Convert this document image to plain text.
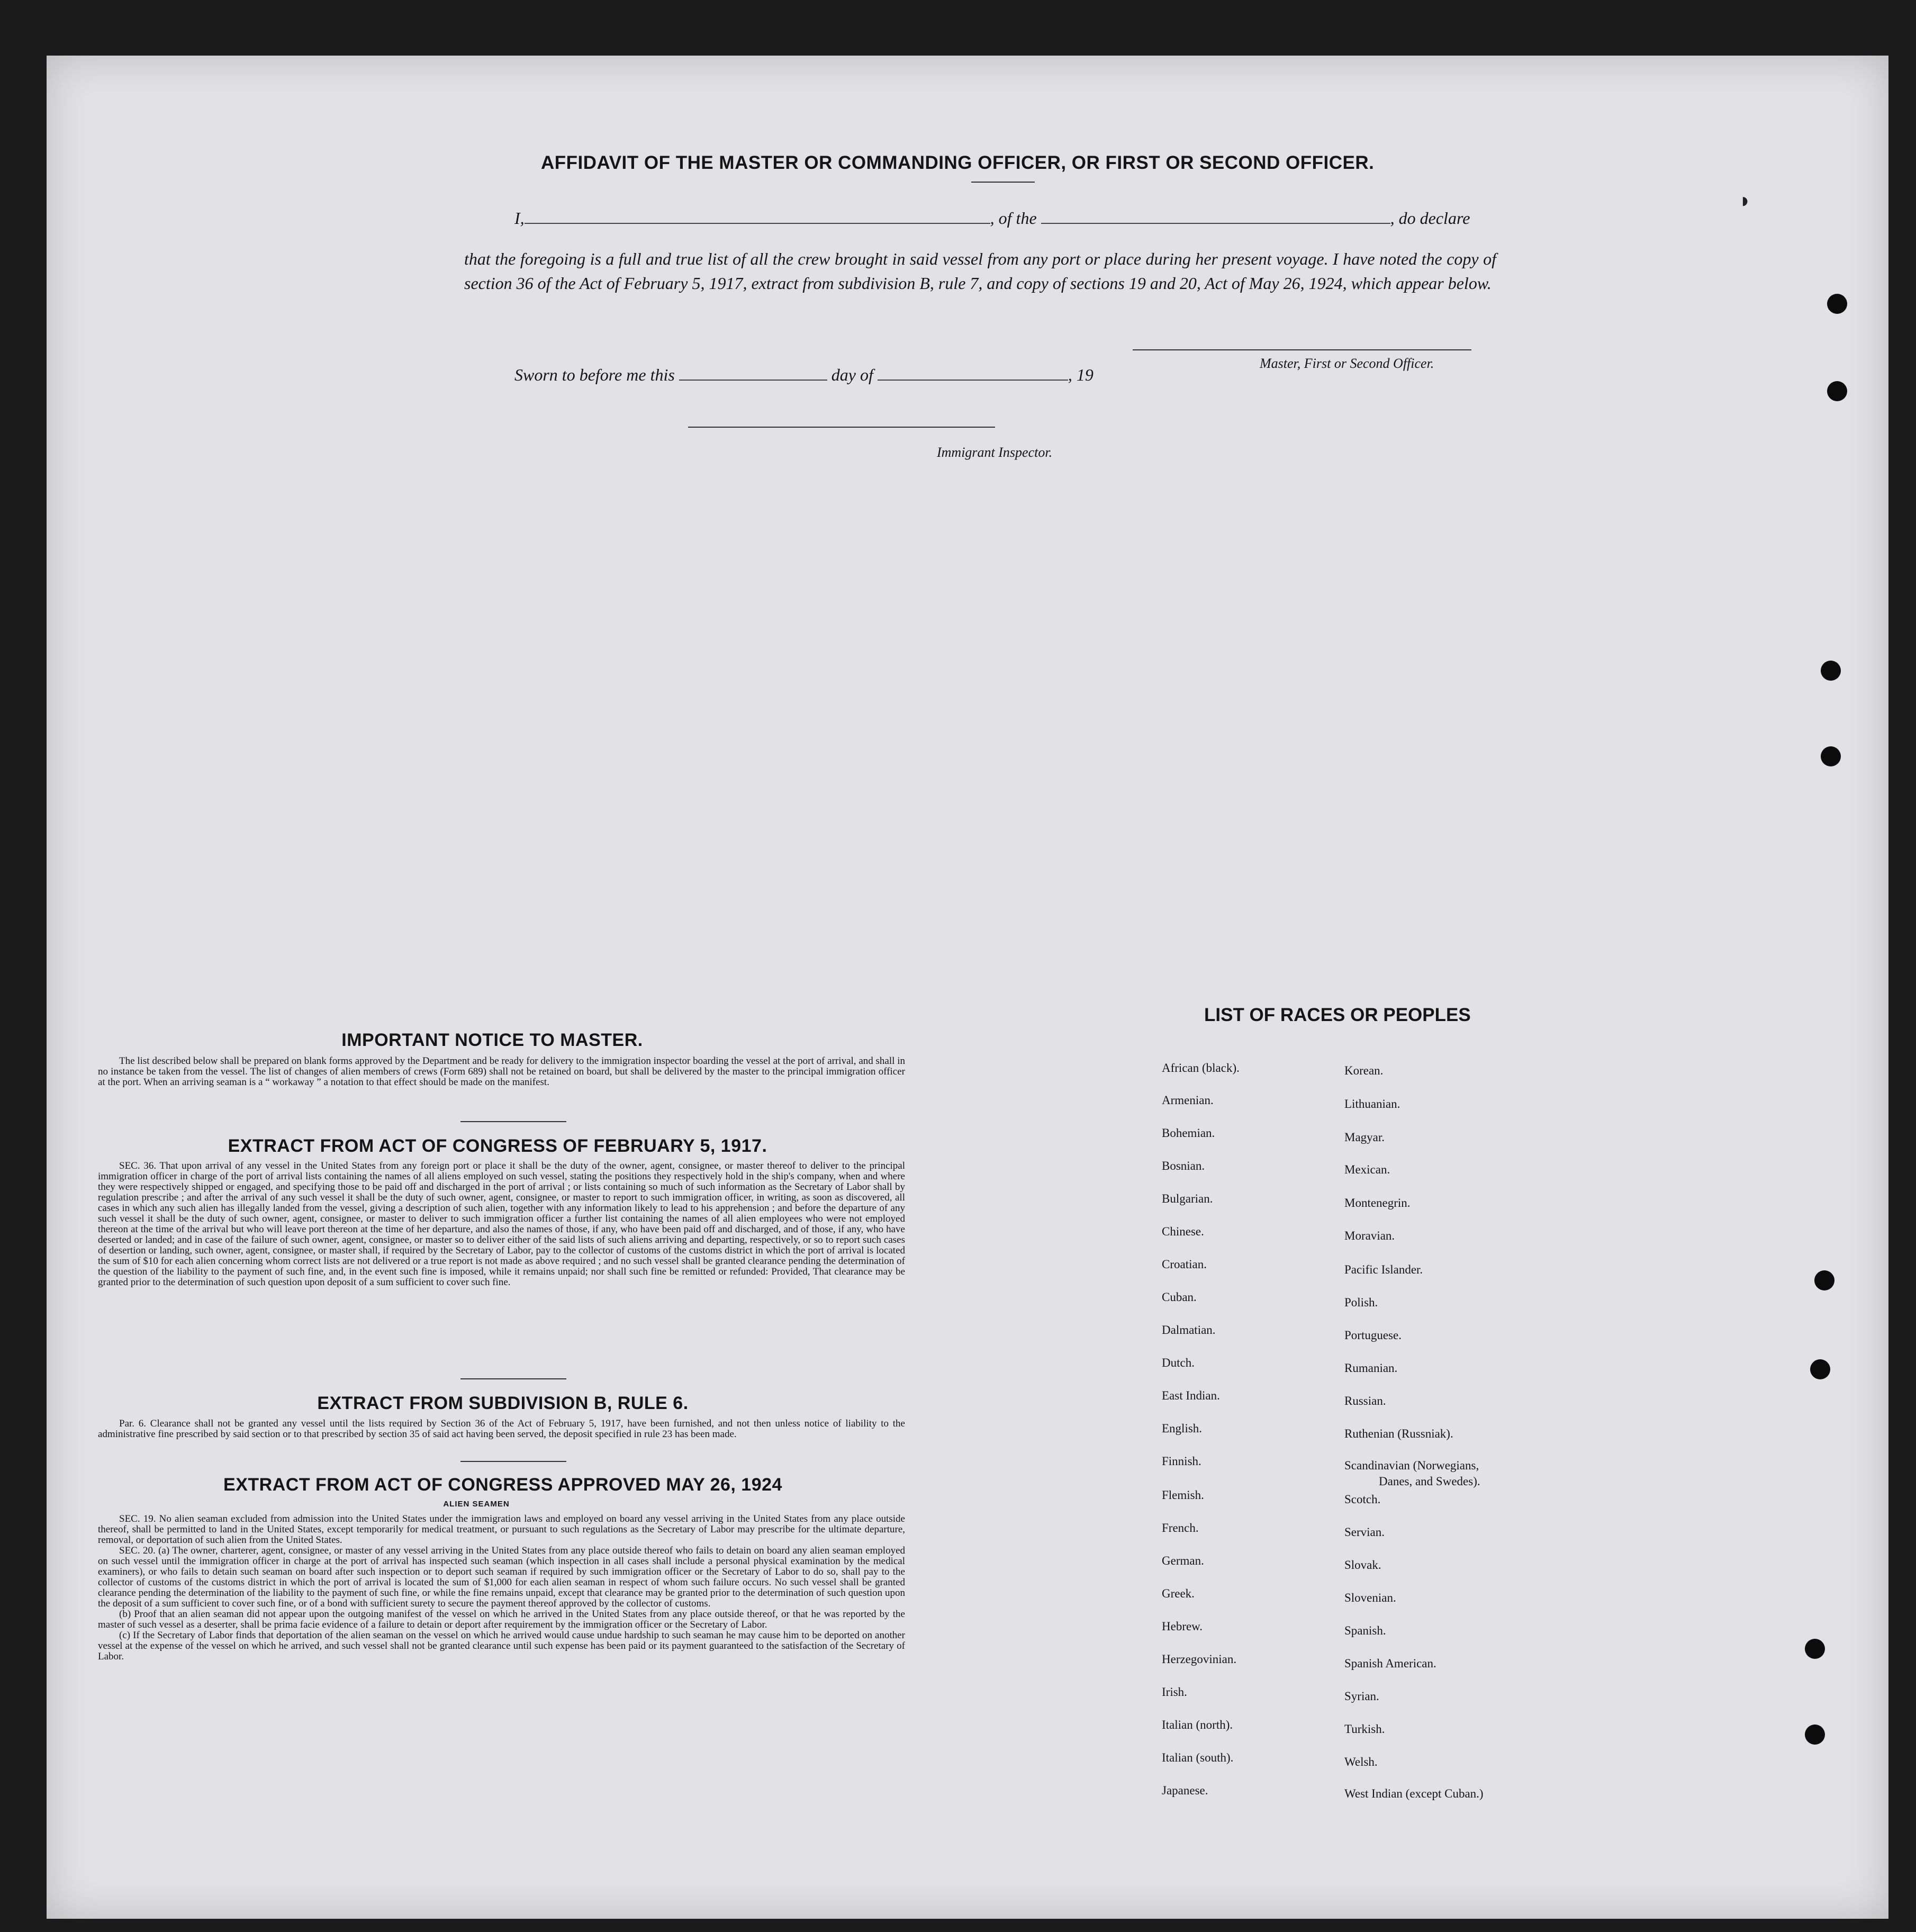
AFFIDAVIT OF THE MASTER OR COMMANDING OFFICER, OR FIRST OR SECOND OFFICER.
I,	, of the	, do declare
that the foregoing is a full and true list of all the crew brought in said vessel from any port or place during her present voyage. I have noted the copy of section 36 of the Act of February 5, 1917, extract from subdivision B, rule 7, and copy of sections 19 and 20, Act of May 26, 1924, which appear below.
Sworn to before me this	day of	, 19
Master, First or Second Officer.
Immigrant Inspector.
IMPORTANT NOTICE TO MASTER.

The list described below shall be prepared on blank forms approved by the Department and be ready for delivery to the immigration inspector boarding the vessel at the port of arrival, and shall in no instance be taken from the vessel. The list of changes of alien members of crews (Form 689) shall not be retained on board, but shall be delivered by the master to the principal immigration officer at the port. When an arriving seaman is a “ workaway ” a notation to that effect should be made on the manifest.

EXTRACT FROM ACT OF CONGRESS OF FEBRUARY 5, 1917.

SEC. 36. That upon arrival of any vessel in the United States from any foreign port or place it shall be the duty of the owner, agent, consignee, or master thereof to deliver to the principal immigration officer in charge of the port of arrival lists containing the names of all aliens employed on such vessel, stating the positions they respectively hold in the ship's company, when and where they were respectively shipped or engaged, and specifying those to be paid off and discharged in the port of arrival ; or lists containing so much of such information as the Secretary of Labor shall by regulation prescribe ; and after the arrival of any such vessel it shall be the duty of such owner, agent, consignee, or master to report to such immigration officer, in writing, as soon as discovered, all cases in which any such alien has illegally landed from the vessel, giving a description of such alien, together with any information likely to lead to his apprehension ; and before the departure of any such vessel it shall be the duty of such owner, agent, consignee, or master to deliver to such immigration officer a further list containing the names of all alien employees who were not employed thereon at the time of the arrival but who will leave port thereon at the time of her departure, and also the names of those, if any, who have been paid off and discharged, and of those, if any, who have deserted or landed; and in case of the failure of such owner, agent, consignee, or master so to deliver either of the said lists of such aliens arriving and departing, respectively, or so to report such cases of desertion or landing, such owner, agent, consignee, or master shall, if required by the Secretary of Labor, pay to the collector of customs of the customs district in which the port of arrival is located the sum of $10 for each alien concerning whom correct lists are not delivered or a true report is not made as above required ; and no such vessel shall be granted clearance pending the determination of the question of the liability to the payment of such fine, and, in the event such fine is imposed, while it remains unpaid; nor shall such fine be remitted or refunded: Provided, That clearance may be granted prior to the determination of such question upon deposit of a sum sufficient to cover such fine.

EXTRACT FROM SUBDIVISION B, RULE 6.

Par. 6. Clearance shall not be granted any vessel until the lists required by Section 36 of the Act of February 5, 1917, have been furnished, and not then unless notice of liability to the administrative fine prescribed by said section or to that prescribed by section 35 of said act having been served, the deposit specified in rule 23 has been made.

EXTRACT FROM ACT OF CONGRESS APPROVED MAY 26, 1924
ALIEN SEAMEN

SEC. 19. No alien seaman excluded from admission into the United States under the immigration laws and employed on board any vessel arriving in the United States from any place outside thereof, shall be permitted to land in the United States, except temporarily for medical treatment, or pursuant to such regulations as the Secretary of Labor may prescribe for the ultimate departure, removal, or deportation of such alien from the United States.

SEC. 20. (a) The owner, charterer, agent, consignee, or master of any vessel arriving in the United States from any place outside thereof who fails to detain on board any alien seaman employed on such vessel until the immigration officer in charge at the port of arrival has inspected such seaman (which inspection in all cases shall include a personal physical examination by the medical examiners), or who fails to detain such seaman on board after such inspection or to deport such seaman if required by such immigration officer or the Secretary of Labor to do so, shall pay to the collector of customs of the customs district in which the port of arrival is located the sum of $1,000 for each alien seaman in respect of whom such failure occurs. No such vessel shall be granted clearance pending the determination of the liability to the payment of such fine, or while the fine remains unpaid, except that clearance may be granted prior to the determination of such question upon the deposit of a sum sufficient to cover such fine, or of a bond with sufficient surety to secure the payment thereof approved by the collector of customs.

(b) Proof that an alien seaman did not appear upon the outgoing manifest of the vessel on which he arrived in the United States from any place outside thereof, or that he was reported by the master of such vessel as a deserter, shall be prima facie evidence of a failure to detain or deport after requirement by the immigration officer or the Secretary of Labor.

(c) If the Secretary of Labor finds that deportation of the alien seaman on the vessel on which he arrived would cause undue hardship to such seaman he may cause him to be deported on another vessel at the expense of the vessel on which he arrived, and such vessel shall not be granted clearance until such expense has been paid or its payment guaranteed to the satisfaction of the Secretary of Labor.

LIST OF RACES OR PEOPLES
African (black).
Armenian.
Bohemian.
Bosnian.
Bulgarian.
Chinese.
Croatian.
Cuban.
Dalmatian.
Dutch.
East Indian.
English.
Finnish.
Flemish.
French.
German.
Greek.
Hebrew.
Herzegovinian.
Irish.
Italian (north).
Italian (south).
Japanese.
Korean.
Lithuanian.
Magyar.
Mexican.
Montenegrin.
Moravian.
Pacific Islander.
Polish.
Portuguese.
Rumanian.
Russian.
Ruthenian (Russniak).
Scandinavian (Norwegians,
Danes, and Swedes).
Scotch.
Servian.
Slovak.
Slovenian.
Spanish.
Spanish American.
Syrian.
Turkish.
Welsh.
West Indian (except Cuban.)
◗
